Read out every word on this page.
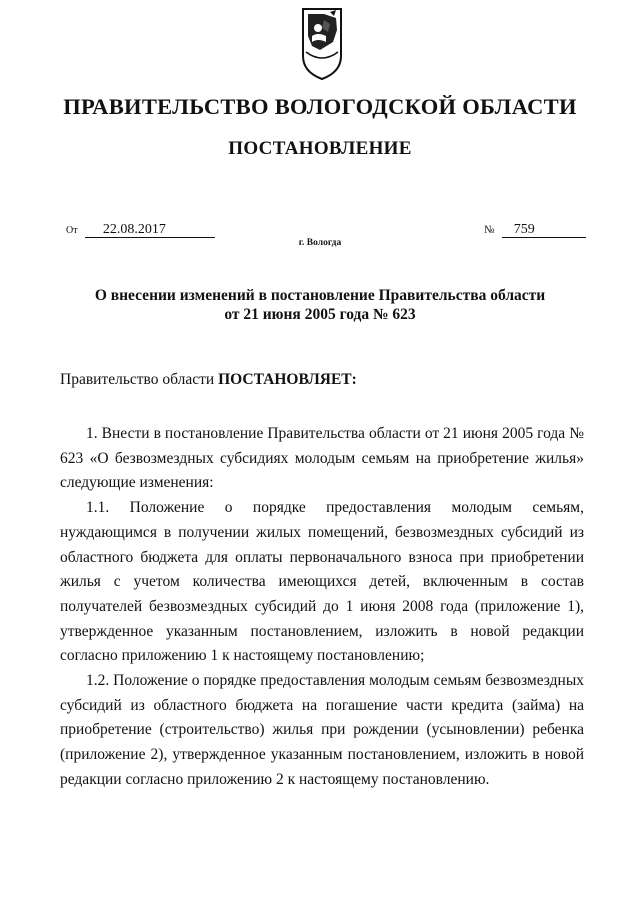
ПРАВИТЕЛЬСТВО ВОЛОГОДСКОЙ ОБЛАСТИ
ПОСТАНОВЛЕНИЕ
От 22.08.2017	№ 759
г. Вологда
О внесении изменений в постановление Правительства области
от 21 июня 2005 года № 623
Правительство области ПОСТАНОВЛЯЕТ:

1. Внести в постановление Правительства области от 21 июня 2005 года № 623 «О безвозмездных субсидиях молодым семьям на приобретение жилья» следующие изменения:

1.1. Положение о порядке предоставления молодым семьям, нуждающимся в получении жилых помещений, безвозмездных субсидий из областного бюджета для оплаты первоначального взноса при приобретении жилья с учетом количества имеющихся детей, включенным в состав получателей безвозмездных субсидий до 1 июня 2008 года (приложение 1), утвержденное указанным постановлением, изложить в новой редакции согласно приложению 1 к настоящему постановлению;

1.2. Положение о порядке предоставления молодым семьям безвозмездных субсидий из областного бюджета на погашение части кредита (займа) на приобретение (строительство) жилья при рождении (усыновлении) ребенка (приложение 2), утвержденное указанным постановлением, изложить в новой редакции согласно приложению 2 к настоящему постановлению.
